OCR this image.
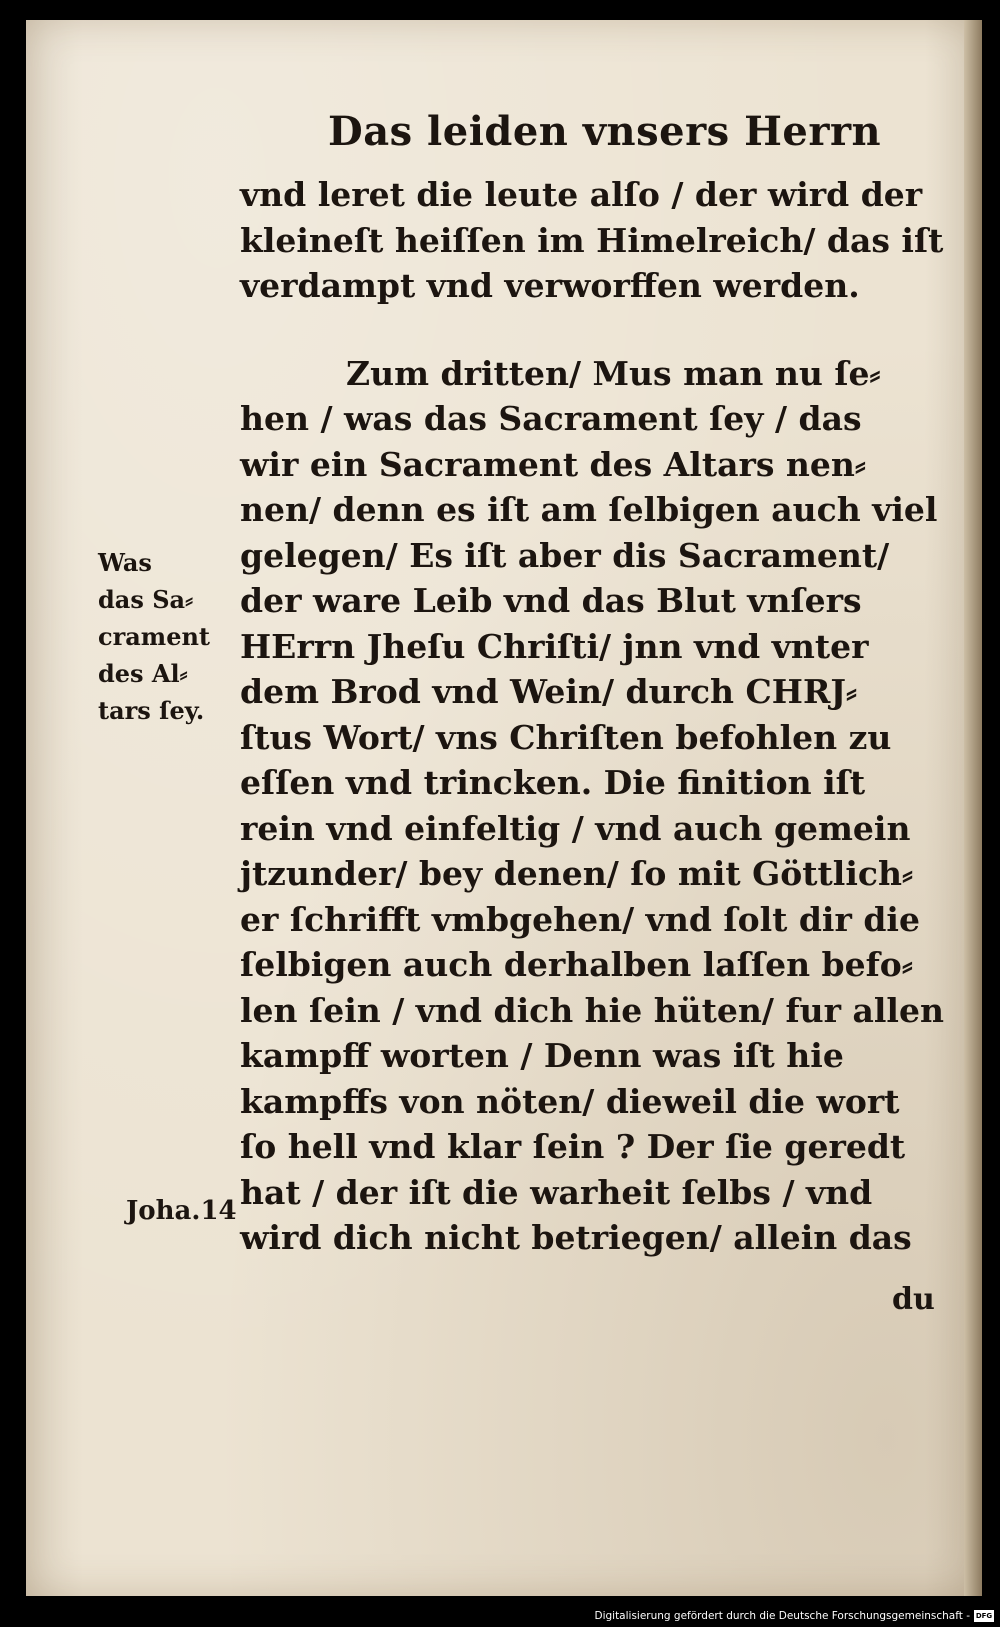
Das leiden vnsers Herrn
vnd leret die leute alſo / der wird der
kleineſt heiſſen im Himelreich/ das iſt
verdampt vnd verworffen werden.
Zum dritten/ Mus man nu ſe⸗
hen / was das Sacrament ſey / das
wir ein Sacrament des Altars nen⸗
nen/ denn es iſt am ſelbigen auch viel
gelegen/ Es iſt aber dis Sacrament/
der ware Leib vnd das Blut vnſers
HErrn Jheſu Chriſti/ jnn vnd vnter
dem Brod vnd Wein/ durch CHRJ⸗
ſtus Wort/ vns Chriſten befohlen zu
eſſen vnd trincken. Die finition iſt
rein vnd einfeltig / vnd auch gemein
jtzunder/ bey denen/ ſo mit Göttlich⸗
er ſchrifft vmbgehen/ vnd ſolt dir die
ſelbigen auch derhalben laſſen befo⸗
len ſein / vnd dich hie hüten/ fur allen
kampff worten / Denn was iſt hie
kampffs von nöten/ dieweil die wort
ſo hell vnd klar ſein ? Der ſie geredt
hat / der iſt die warheit ſelbs / vnd
wird dich nicht betriegen/ allein das
du
Was
das Sa⸗
crament
des Al⸗
tars ſey.
Joha.14
Digitalisierung gefördert durch die Deutsche Forschungsgemeinschaft - DFG
